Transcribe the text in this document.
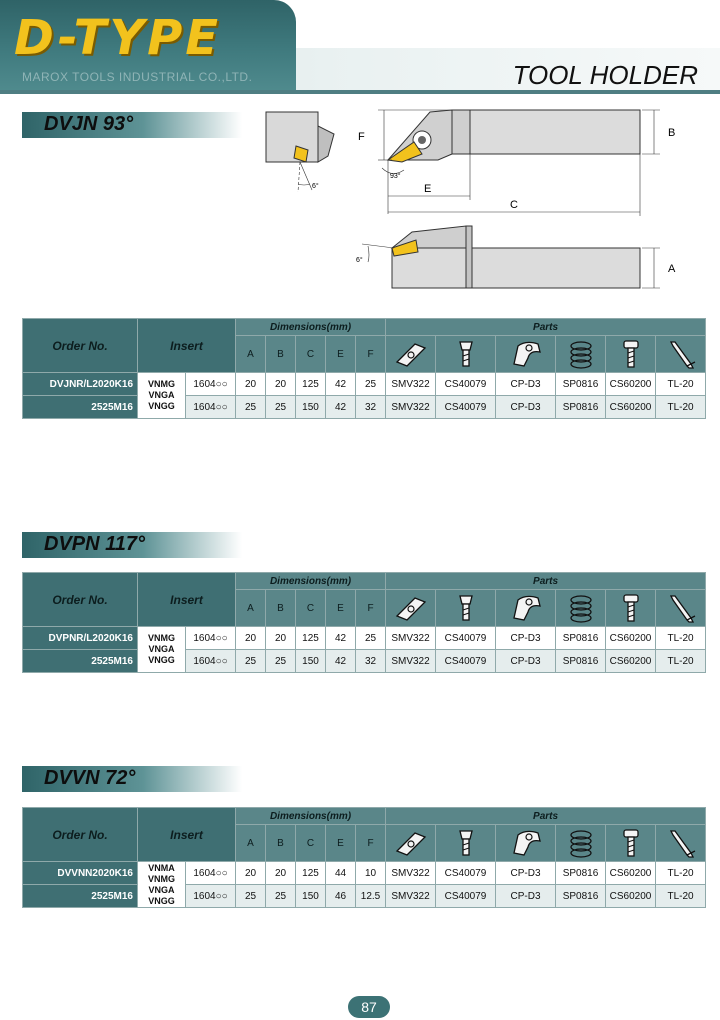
D-TYPE
MAROX TOOLS INDUSTRIAL CO.,LTD.	TOOL HOLDER
DVJN 93°
6°
F	B
93°
E
C
6°
A
Order No.	Insert		Dimensions(mm)					Parts					
			A	B	C	E	F	

DVJNR/L2020K16	VNMG
VNGA
VNGG	1604○○	20	20	125	42	25	SMV322	CS40079	CP-D3	SP0816	CS60200	TL-20
2525M16		1604○○	25	25	150	42	32	SMV322	CS40079	CP-D3	SP0816	CS60200	TL-20
DVPN 117°
Order No.	Insert		Dimensions(mm)					Parts					
			A	B	C	E	F	

DVPNR/L2020K16	VNMG
VNGA
VNGG	1604○○	20	20	125	42	25	SMV322	CS40079	CP-D3	SP0816	CS60200	TL-20
2525M16		1604○○	25	25	150	42	32	SMV322	CS40079	CP-D3	SP0816	CS60200	TL-20
DVVN 72°
Order No.	Insert		Dimensions(mm)					Parts					
			A	B	C	E	F	

DVVNN2020K16	VNMA
VNMG
VNGA
VNGG	1604○○	20	20	125	44	10	SMV322	CS40079	CP-D3	SP0816	CS60200	TL-20
2525M16		1604○○	25	25	150	46	12.5	SMV322	CS40079	CP-D3	SP0816	CS60200	TL-20
87
